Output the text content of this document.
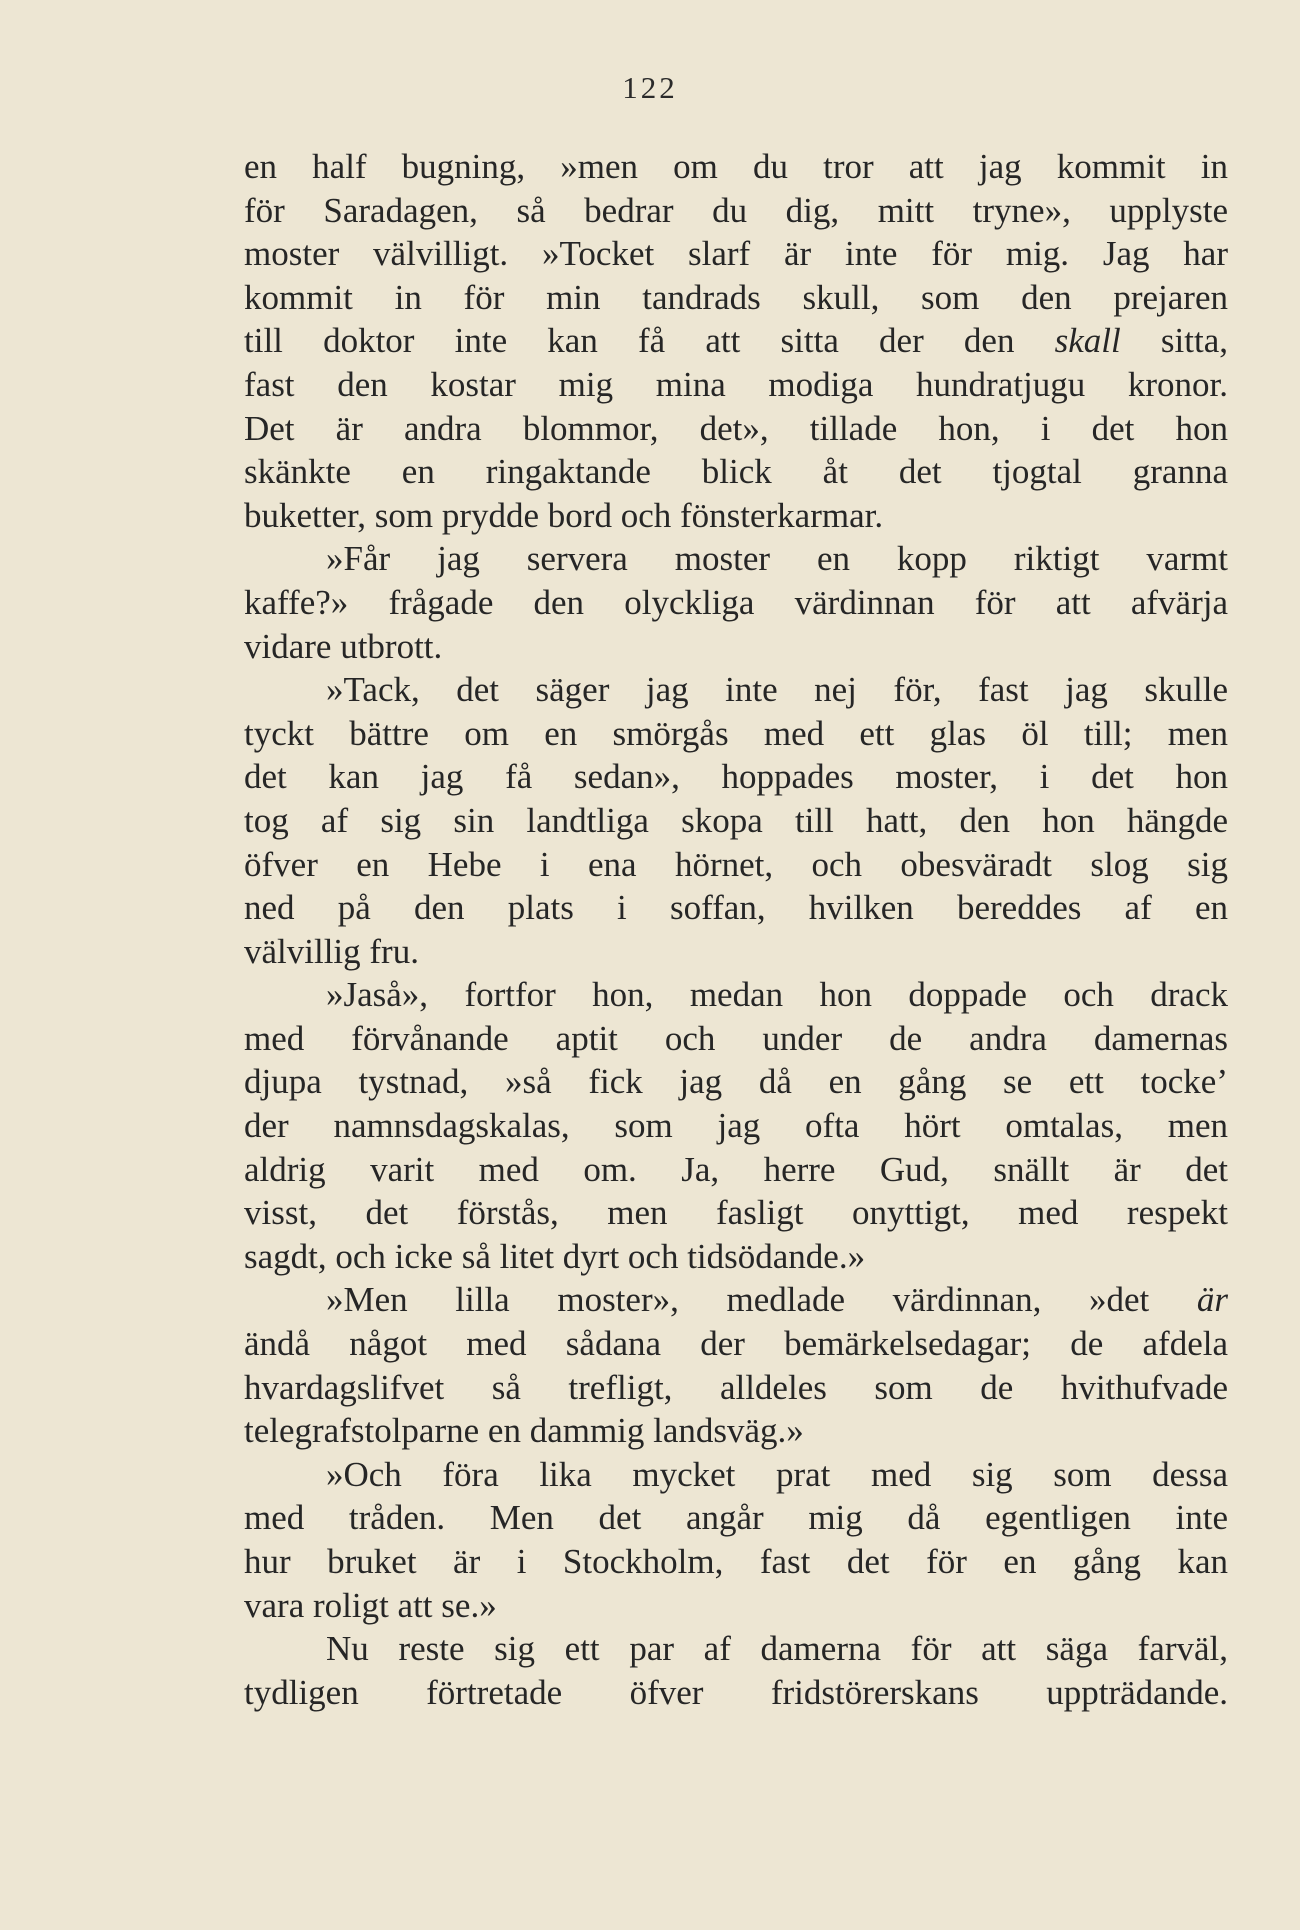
122
en half bugning, »men om du tror att jag kommit in
för Saradagen, så bedrar du dig, mitt tryne», upplyste
moster välvilligt. »Tocket slarf är inte för mig. Jag har
kommit in för min tandrads skull, som den prejaren
till doktor inte kan få att sitta der den skall sitta,
fast den kostar mig mina modiga hundratjugu kronor.
Det är andra blommor, det», tillade hon, i det hon
skänkte en ringaktande blick åt det tjogtal granna
buketter, som prydde bord och fönsterkarmar.
»Får jag servera moster en kopp riktigt varmt
kaffe?» frågade den olyckliga värdinnan för att afvärja
vidare utbrott.
»Tack, det säger jag inte nej för, fast jag skulle
tyckt bättre om en smörgås med ett glas öl till; men
det kan jag få sedan», hoppades moster, i det hon
tog af sig sin landtliga skopa till hatt, den hon hängde
öfver en Hebe i ena hörnet, och obesväradt slog sig
ned på den plats i soffan, hvilken bereddes af en
välvillig fru.
»Jaså», fortfor hon, medan hon doppade och drack
med förvånande aptit och under de andra damernas
djupa tystnad, »så fick jag då en gång se ett tocke’
der namnsdagskalas, som jag ofta hört omtalas, men
aldrig varit med om. Ja, herre Gud, snällt är det
visst, det förstås, men fasligt onyttigt, med respekt
sagdt, och icke så litet dyrt och tidsödande.»
»Men lilla moster», medlade värdinnan, »det är
ändå något med sådana der bemärkelsedagar; de afdela
hvardagslifvet så trefligt, alldeles som de hvithufvade
telegrafstolparne en dammig landsväg.»
»Och föra lika mycket prat med sig som dessa
med tråden. Men det angår mig då egentligen inte
hur bruket är i Stockholm, fast det för en gång kan
vara roligt att se.»
Nu reste sig ett par af damerna för att säga farväl,
tydligen förtretade öfver fridstörerskans uppträdande.
